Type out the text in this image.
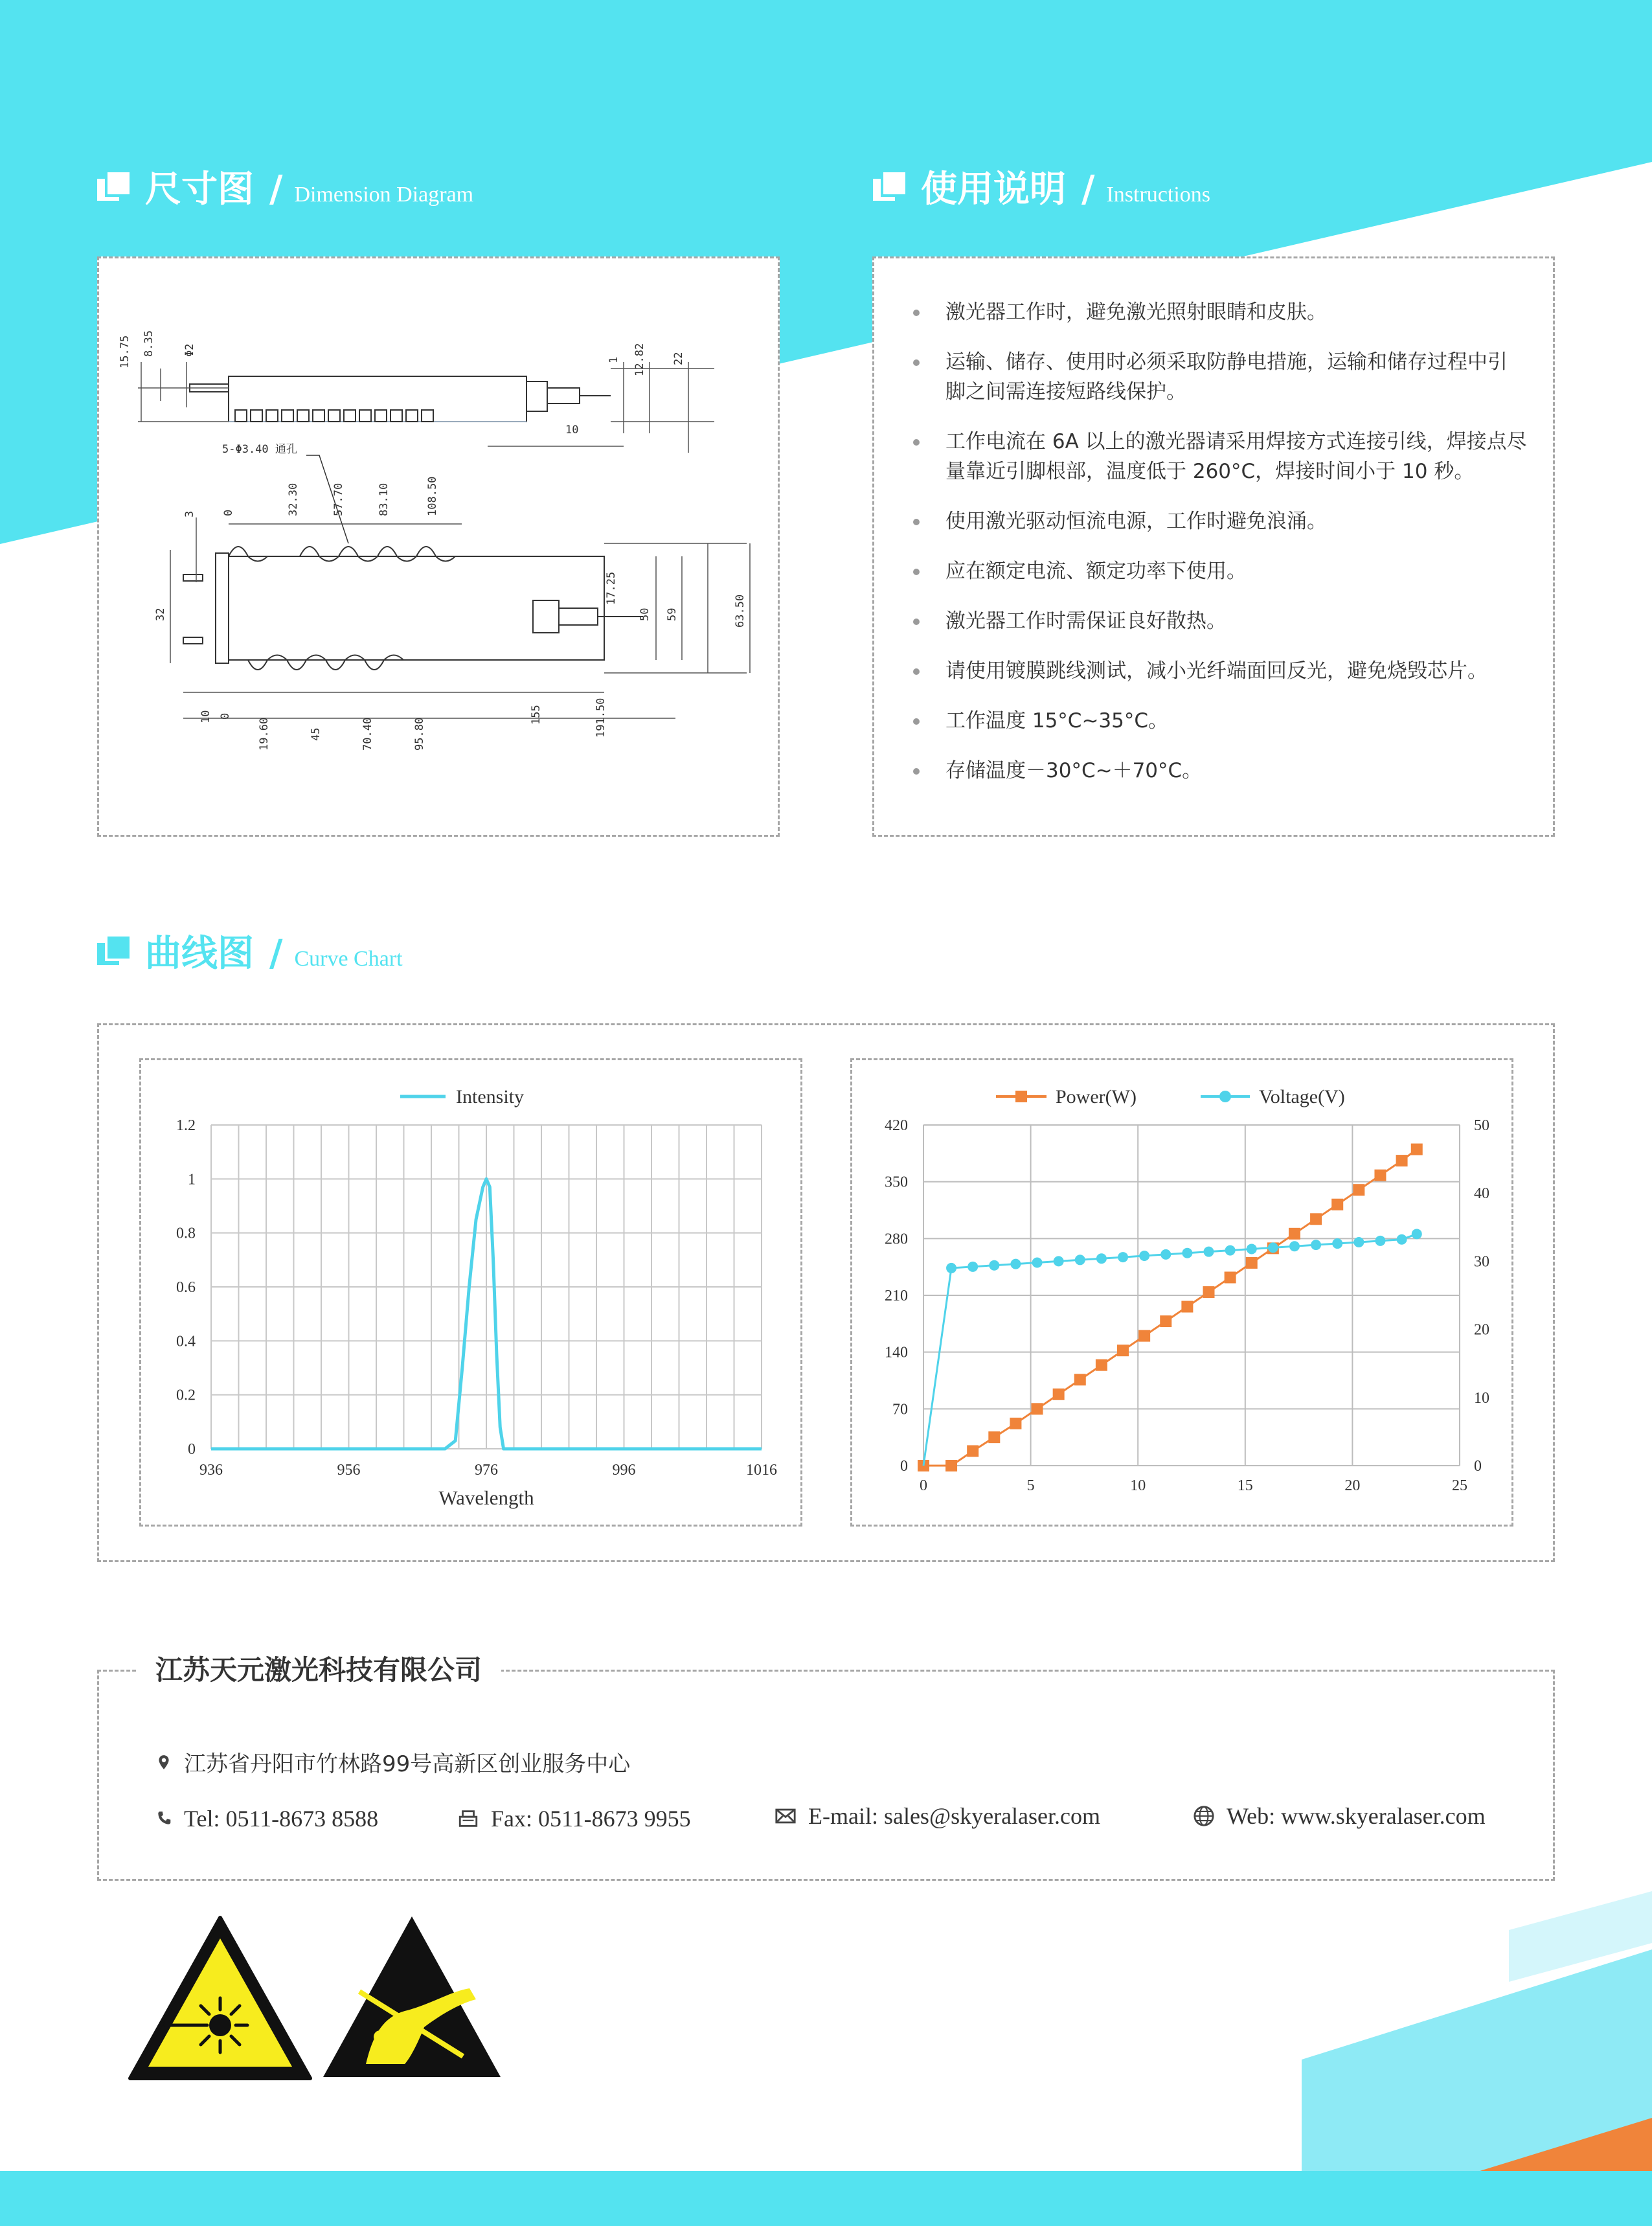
尺寸图 / Dimension Diagram	使用说明 / Instructions
15.75 8.35	Φ2
1 12.82 22
10
5-Φ3.40 通孔
3 0	32.30	57.70	83.10	108.50
32
17.25
50 59	63.50
10 0
19.60	45	70.40	95.80
155	191.50
激光器工作时，避免激光照射眼睛和皮肤。
运输、储存、使用时必须采取防静电措施，运输和储存过程中引脚之间需连接短路线保护。
工作电流在 6A 以上的激光器请采用焊接方式连接引线，焊接点尽量靠近引脚根部，温度低于 260°C，焊接时间小于 10 秒。
使用激光驱动恒流电源，工作时避免浪涌。
应在额定电流、额定功率下使用。
激光器工作时需保证良好散热。
请使用镀膜跳线测试，减小光纤端面回反光，避免烧毁芯片。
工作温度 15°C~35°C。
存储温度－30°C~＋70°C。
曲线图 / Curve Chart
0
0.2
0.4
0.6
0.8
1
1.2
936	956	976	996	1016
Wavelength
Intensity
0	5	10	15	20	25
0
70
140
210
280
350
420
0
10
20
30
40
50
Power(W)	Voltage(V)
江苏天元激光科技有限公司
江苏省丹阳市竹林路99号高新区创业服务中心
Tel: 0511-8673 8588	Fax: 0511-8673 9955	E-mail: sales@skyeralaser.com	Web: www.skyeralaser.com
